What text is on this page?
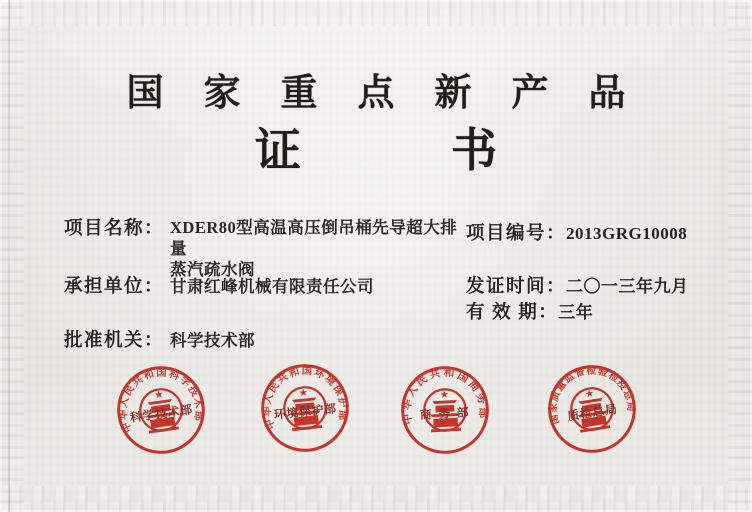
国家重点新产品
证　书
项目名称： XDER80型高温高压倒吊桶先导超大排量
蒸汽疏水阀
承担单位： 甘肃红峰机械有限责任公司
批准机关： 科学技术部
项目编号：2013GRG10008
发证时间：二〇一三年九月
有 效 期：三年
中华人民共和国科学技术部
★
科学技术部	中华人民共和国环境保护部
★
环境保护部	中华人民共和国商务部
★
商 务 部	国家质量监督检验检疫总局
★
质检总局
